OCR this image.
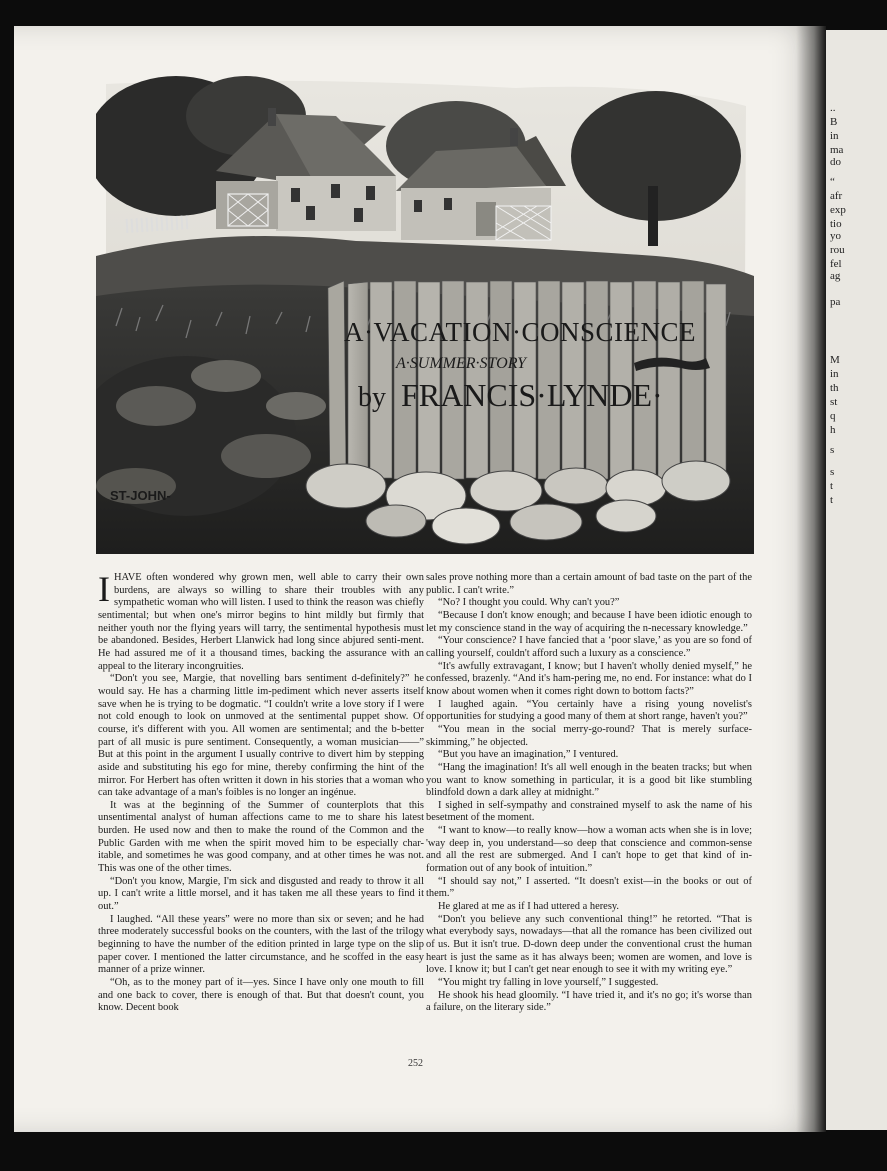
..
B
in
ma
do
“
afr
exp
tio
yo
rou
fel
ag
pa
M
in
th
st
q
h
s
s
t
t
A·VACATION·CONSCIENCE
A·SUMMER·STORY
by FRANCIS·LYNDE·
ST-JOHN-

IHAVE often wondered why grown men, well able to carry their own burdens, are always so willing to share their troubles with any sympathetic woman who will listen. I used to think the reason was chiefly sentimental; but when one's mirror begins to hint mildly but firmly that neither youth nor the flying years will tarry, the sentimental hypothesis must be abandoned. Besides, Herbert Llanwick had long since abjured senti-ment. He had assured me of it a thousand times, backing the assurance with an appeal to the literary incongruities.

“Don't you see, Margie, that novelling bars sentiment d-definitely?” he would say. He has a charming little im-pediment which never asserts itself save when he is trying to be dogmatic. “I couldn't write a love story if I were not cold enough to look on unmoved at the sentimental puppet show. Of course, it's different with you. All women are sentimental; and the b-better part of all music is pure sentiment. Consequently, a woman musician——” But at this point in the argument I usually contrive to divert him by stepping aside and substituting his ego for mine, thereby confirming the hint of the mirror. For Herbert has often written it down in his stories that a woman who can take advantage of a man's foibles is no longer an ingénue.

It was at the beginning of the Summer of counterplots that this unsentimental analyst of human affections came to me to share his latest burden. He used now and then to make the round of the Common and the Public Garden with me when the spirit moved him to be especially char-itable, and sometimes he was good company, and at other times he was not. This was one of the other times.

“Don't you know, Margie, I'm sick and disgusted and ready to throw it all up. I can't write a little morsel, and it has taken me all these years to find it out.”

I laughed. “All these years” were no more than six or seven; and he had three moderately successful books on the counters, with the last of the trilogy beginning to have the number of the edition printed in large type on the slip paper cover. I mentioned the latter circumstance, and he scoffed in the easy manner of a prize winner.

“Oh, as to the money part of it—yes. Since I have only one mouth to fill and one back to cover, there is enough of that. But that doesn't count, you know. Decent book

sales prove nothing more than a certain amount of bad taste on the part of the public. I can't write.”

“No? I thought you could. Why can't you?”

“Because I don't know enough; and because I have been idiotic enough to let my conscience stand in the way of acquiring the n-necessary knowledge.”

“Your conscience? I have fancied that a ‘poor slave,’ as you are so fond of calling yourself, couldn't afford such a luxury as a conscience.”

“It's awfully extravagant, I know; but I haven't wholly denied myself,” he confessed, brazenly. “And it's ham-pering me, no end. For instance: what do I know about women when it comes right down to bottom facts?”

I laughed again. “You certainly have a rising young novelist's opportunities for studying a good many of them at short range, haven't you?”

“You mean in the social merry-go-round? That is merely surface-skimming,” he objected.

“But you have an imagination,” I ventured.

“Hang the imagination! It's all well enough in the beaten tracks; but when you want to know something in particular, it is a good bit like stumbling blindfold down a dark alley at midnight.”

I sighed in self-sympathy and constrained myself to ask the name of his besetment of the moment.

“I want to know—to really know—how a woman acts when she is in love; 'way deep in, you understand—so deep that conscience and common-sense and all the rest are submerged. And I can't hope to get that kind of in-formation out of any book of intuition.”

“I should say not,” I asserted. “It doesn't exist—in the books or out of them.”

He glared at me as if I had uttered a heresy.

“Don't you believe any such conventional thing!” he retorted. “That is what everybody says, nowadays—that all the romance has been civilized out of us. But it isn't true. D-down deep under the conventional crust the human heart is just the same as it has always been; women are women, and love is love. I know it; but I can't get near enough to see it with my writing eye.”

“You might try falling in love yourself,” I suggested.

He shook his head gloomily. “I have tried it, and it's no go; it's worse than a failure, on the literary side.”

252
